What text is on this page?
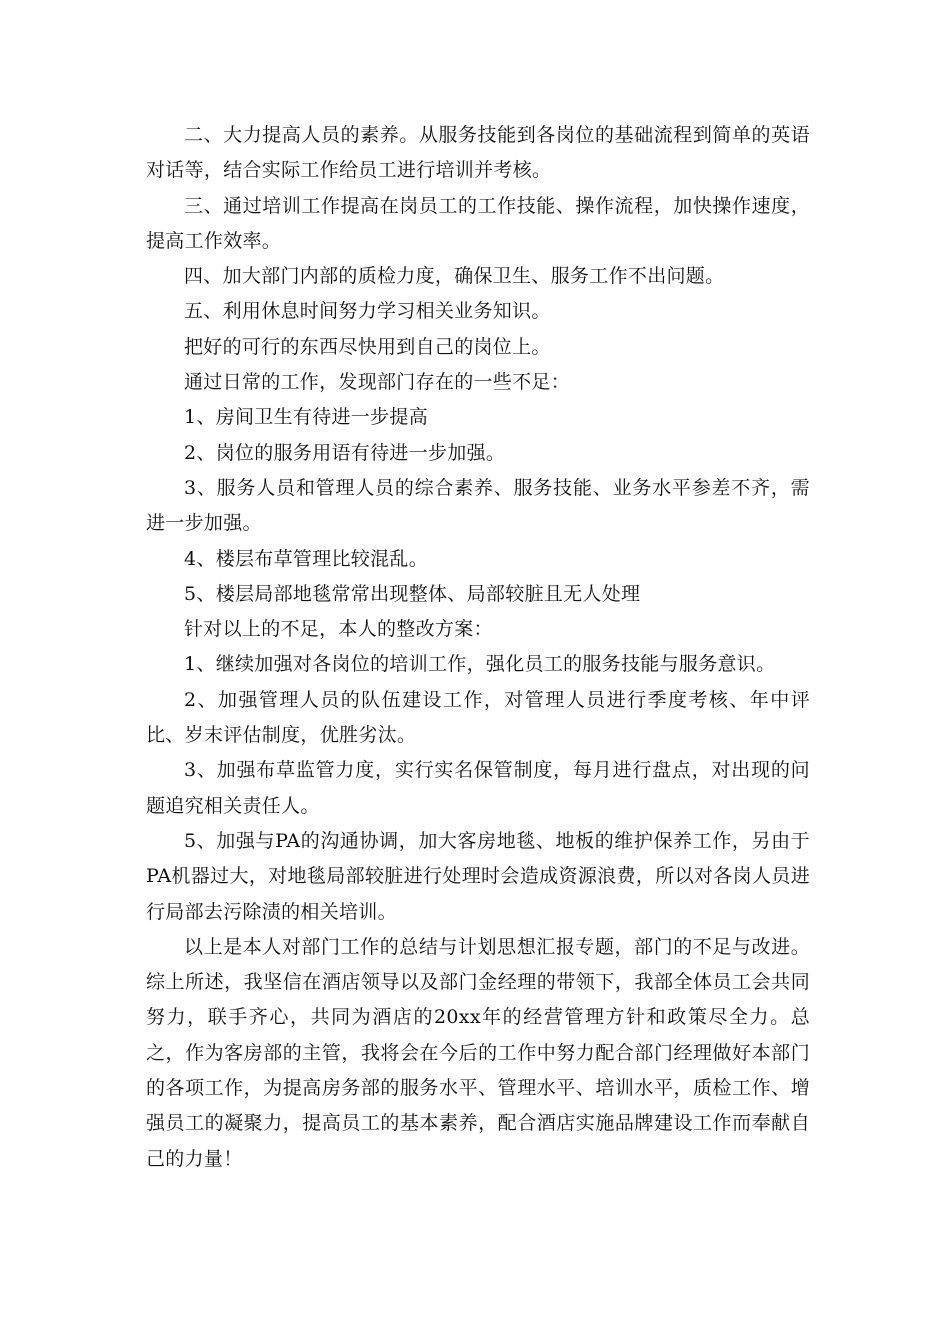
二、大力提高人员的素养。从服务技能到各岗位的基础流程到简单的英语对话等，结合实际工作给员工进行培训并考核。

三、通过培训工作提高在岗员工的工作技能、操作流程，加快操作速度，提高工作效率。

四、加大部门内部的质检力度，确保卫生、服务工作不出问题。

五、利用休息时间努力学习相关业务知识。

把好的可行的东西尽快用到自己的岗位上。

通过日常的工作，发现部门存在的一些不足：

1、房间卫生有待进一步提高

2、岗位的服务用语有待进一步加强。

3、服务人员和管理人员的综合素养、服务技能、业务水平参差不齐，需进一步加强。

4、楼层布草管理比较混乱。

5、楼层局部地毯常常出现整体、局部较脏且无人处理

针对以上的不足，本人的整改方案：

1、继续加强对各岗位的培训工作，强化员工的服务技能与服务意识。

2、加强管理人员的队伍建设工作，对管理人员进行季度考核、年中评比、岁末评估制度，优胜劣汰。

3、加强布草监管力度，实行实名保管制度，每月进行盘点，对出现的问题追究相关责任人。

5、加强与PA的沟通协调，加大客房地毯、地板的维护保养工作，另由于PA机器过大，对地毯局部较脏进行处理时会造成资源浪费，所以对各岗人员进行局部去污除渍的相关培训。

以上是本人对部门工作的总结与计划思想汇报专题，部门的不足与改进。综上所述，我坚信在酒店领导以及部门金经理的带领下，我部全体员工会共同努力，联手齐心，共同为酒店的20xx年的经营管理方针和政策尽全力。总之，作为客房部的主管，我将会在今后的工作中努力配合部门经理做好本部门的各项工作，为提高房务部的服务水平、管理水平、培训水平，质检工作、增强员工的凝聚力，提高员工的基本素养，配合酒店实施品牌建设工作而奉献自己的力量！
